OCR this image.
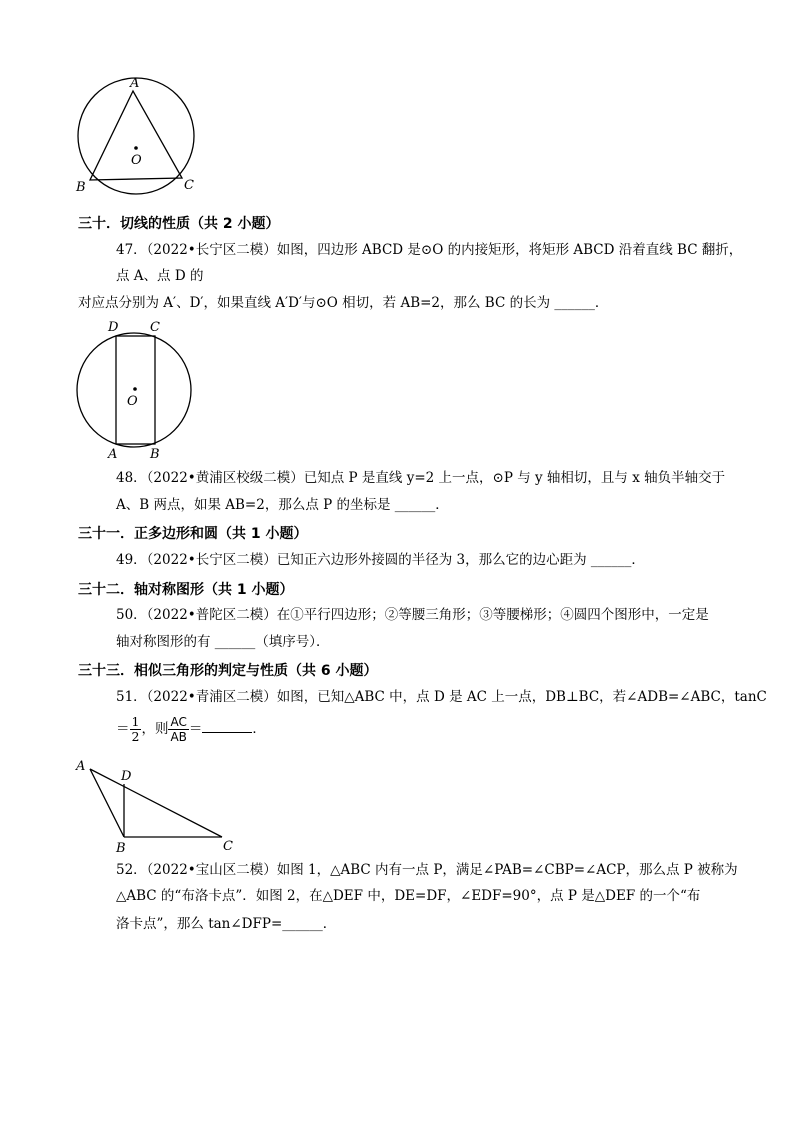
A
O
B	C
三十．切线的性质（共 2 小题）
47．（2022•长宁区二模）如图，四边形 ABCD 是⊙O 的内接矩形，将矩形 ABCD 沿着直线 BC 翻折，
点 A、点 D 的
对应点分别为 A′、D′，如果直线 A′D′与⊙O 相切，若 AB=2，那么 BC 的长为 ______．
D C
O
A	B
48．（2022•黄浦区校级二模）已知点 P 是直线 y=2 上一点，⊙P 与 y 轴相切，且与 x 轴负半轴交于
A、B 两点，如果 AB=2，那么点 P 的坐标是 ______．
三十一．正多边形和圆（共 1 小题）
49．（2022•长宁区二模）已知正六边形外接圆的半径为 3，那么它的边心距为 ______．
三十二．轴对称图形（共 1 小题）
50．（2022•普陀区二模）在①平行四边形；②等腰三角形；③等腰梯形；④圆四个图形中，一定是
轴对称图形的有 ______（填序号）．
三十三．相似三角形的判定与性质（共 6 小题）
51．（2022•青浦区二模）如图，已知△ABC 中，点 D 是 AC 上一点，DB⊥BC，若∠ADB=∠ABC，tanC
＝ $\frac{1}{2}$ ，则 $\frac{AC}{AB}$ ＝	．
A
D
B	C
52．（2022•宝山区二模）如图 1，△ABC 内有一点 P，满足∠PAB=∠CBP=∠ACP，那么点 P 被称为
△ABC 的“布洛卡点”．如图 2，在△DEF 中，DE=DF，∠EDF=90°，点 P 是△DEF 的一个“布
洛卡点”，那么 tan∠DFP=______．
